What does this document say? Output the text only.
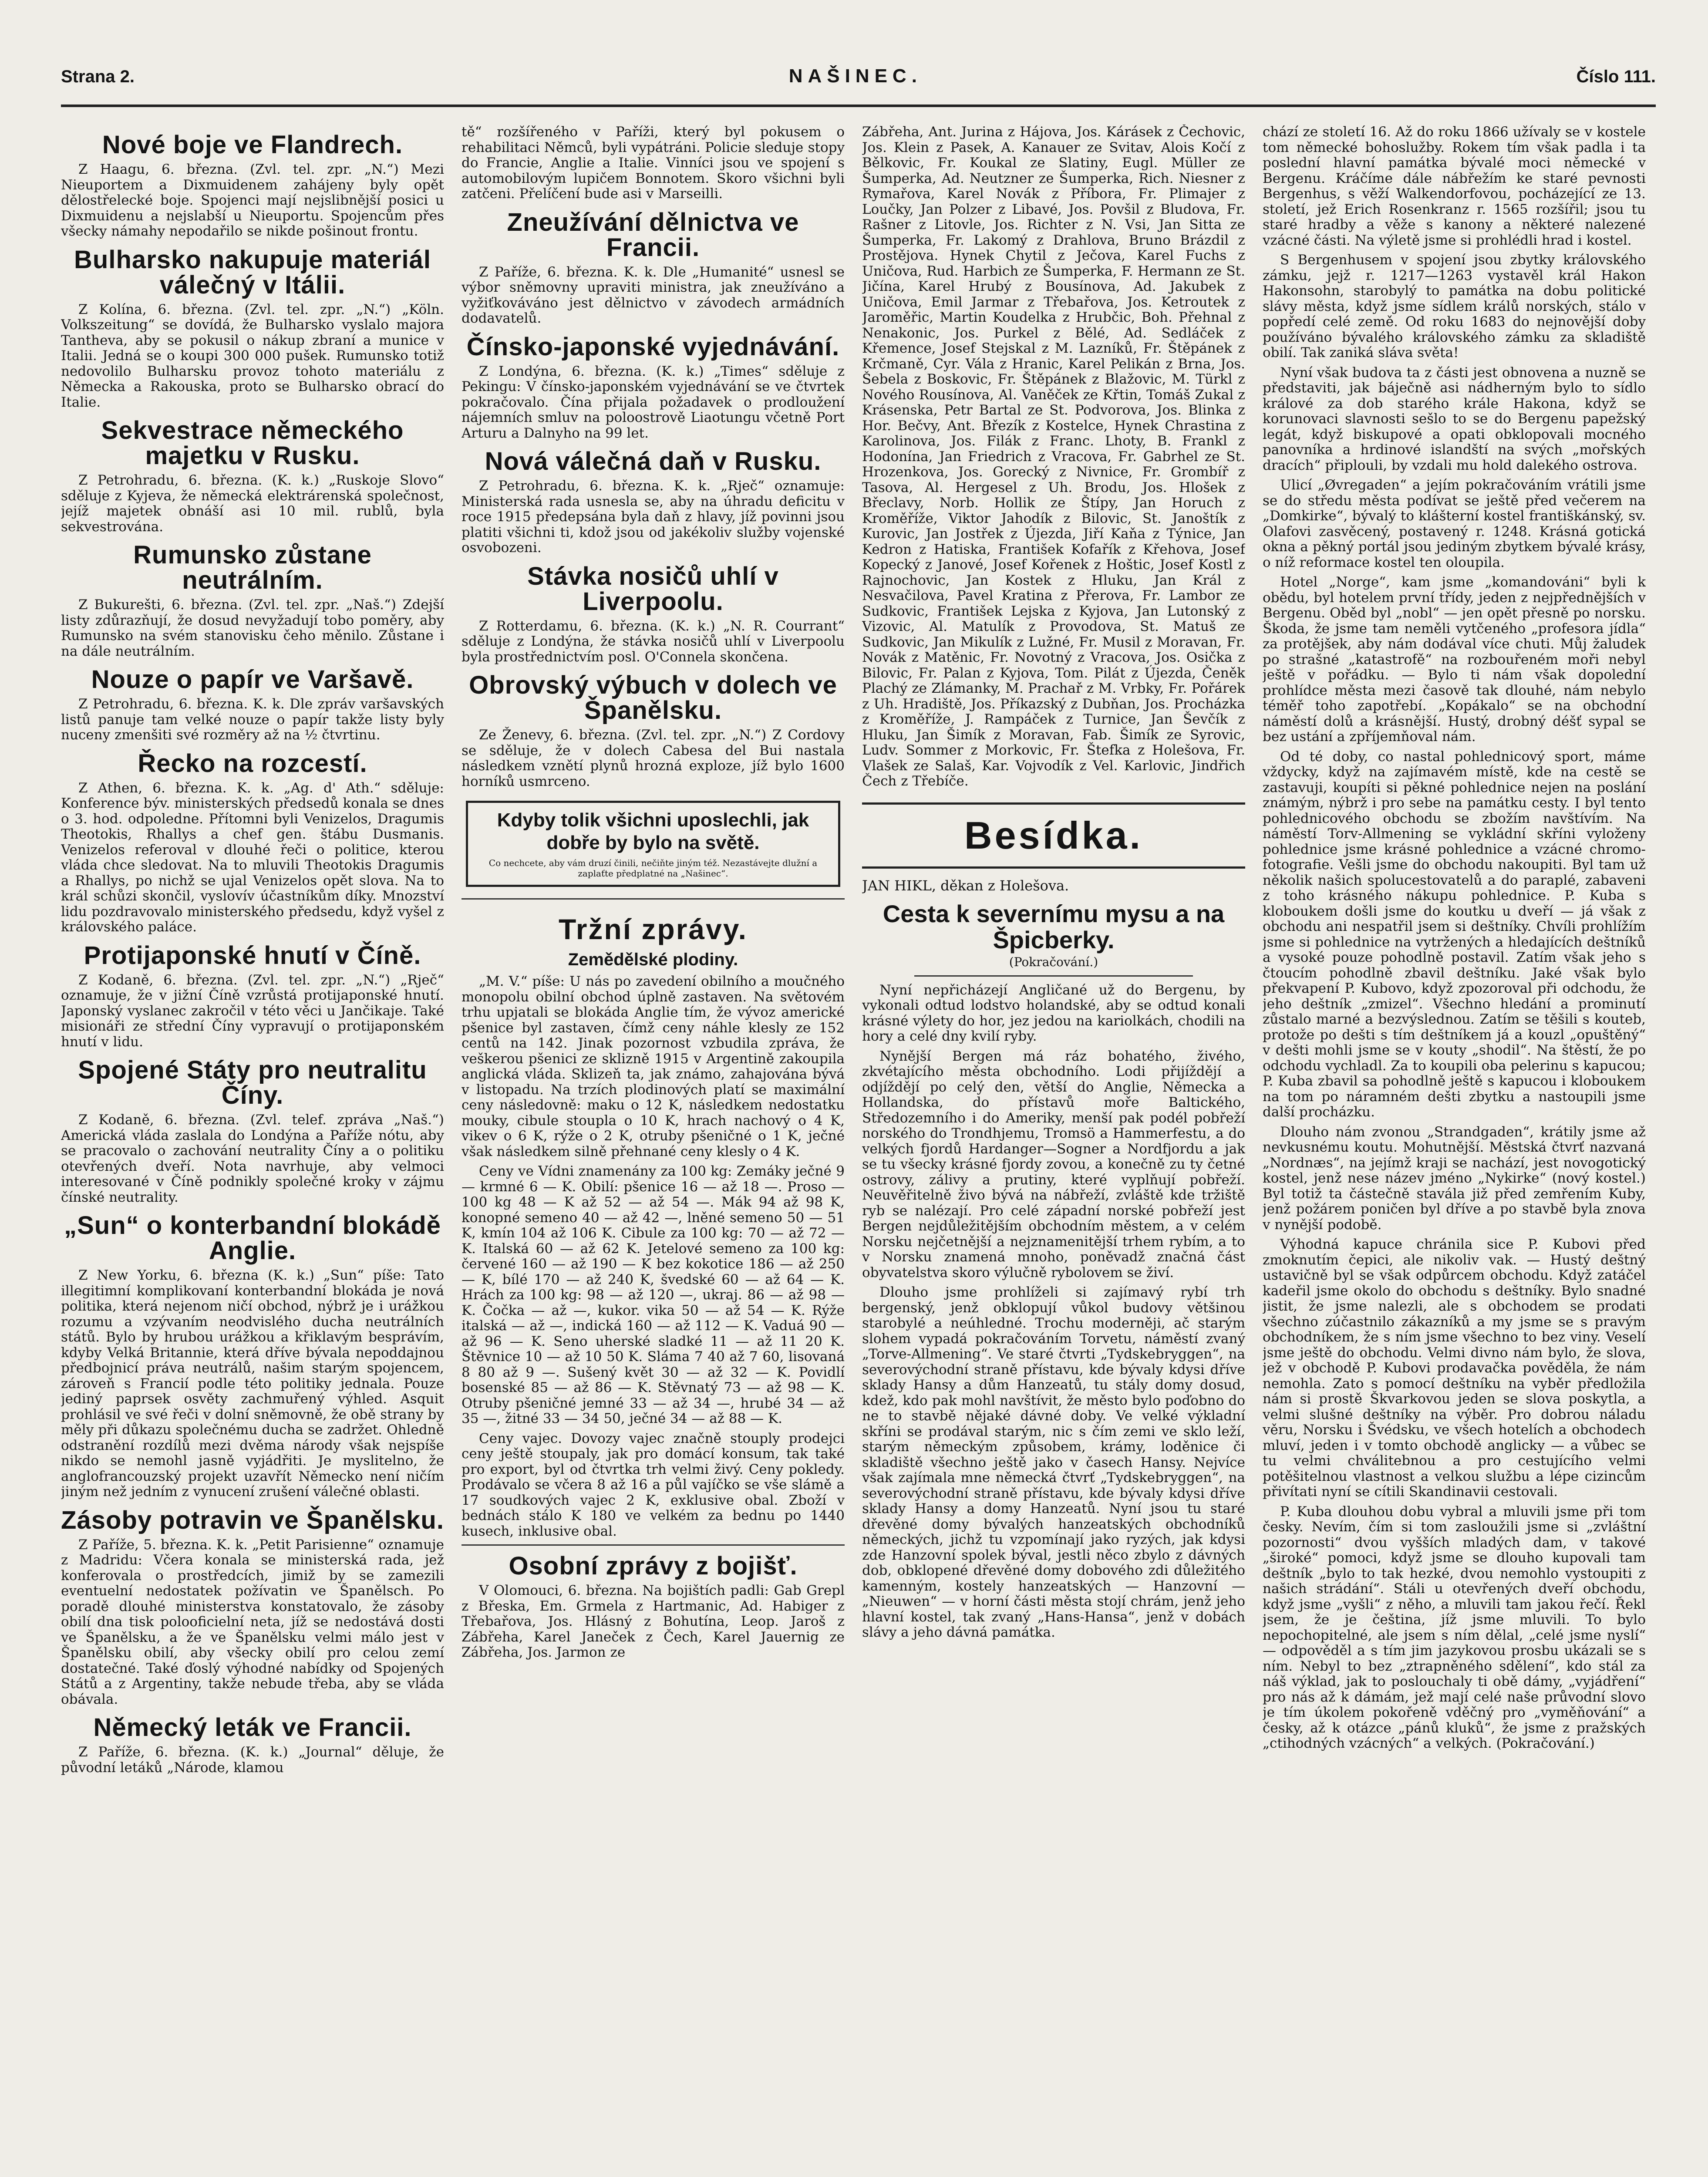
Strana 2.	NAŠINEC.	Číslo 111.
Nové boje ve Flandrech.

Z Haagu, 6. března. (Zvl. tel. zpr. „N.“) Mezi Nieuportem a Dixmuidenem zahájeny byly opět dělostřelecké boje. Spojenci mají nejslibnější posici u Dixmuidenu a nejslabší u Nieuportu. Spojencům přes všecky námahy nepodařilo se nikde pošinout frontu.

Bulharsko nakupuje materiál válečný v Itálii.

Z Kolína, 6. března. (Zvl. tel. zpr. „N.“) „Köln. Volkszeitung“ se dovídá, že Bulharsko vyslalo majora Tantheva, aby se pokusil o nákup zbraní a munice v Italii. Jedná se o koupi 300 000 pušek. Rumunsko totiž nedovolilo Bulharsku provoz tohoto materiálu z Německa a Rakouska, proto se Bulharsko obrací do Italie.

Sekvestrace německého majetku v Rusku.

Z Petrohradu, 6. března. (K. k.) „Ruskoje Slovo“ sděluje z Kyjeva, že německá elektrárenská společnost, jejíž majetek obnáší asi 10 mil. rublů, byla sekvestrována.

Rumunsko zůstane neutrálním.

Z Bukurešti, 6. března. (Zvl. tel. zpr. „Naš.“) Zdejší listy zdůrazňují, že dosud nevyžadují tobo poměry, aby Rumunsko na svém stanovisku čeho měnilo. Zůstane i na dále neutrálním.

Nouze o papír ve Varšavě.

Z Petrohradu, 6. března. K. k. Dle zpráv varšavských listů panuje tam velké nouze o papír takže listy byly nuceny zmenšiti své rozměry až na ½ čtvrtinu.

Řecko na rozcestí.

Z Athen, 6. března. K. k. „Ag. d' Ath.“ sděluje: Konference býv. ministerských předsedů konala se dnes o 3. hod. odpoledne. Přítomni byli Venizelos, Dragumis Theotokis, Rhallys a chef gen. štábu Dusmanis. Venizelos referoval v dlouhé řeči o politice, kterou vláda chce sledovat. Na to mluvili Theotokis Dragumis a Rhallys, po nichž se ujal Venizelos opět slova. Na to král schůzi skončil, vyslovív účastníkům díky. Mnozství lidu pozdravovalo ministerského předsedu, když vyšel z královského paláce.

Protijaponské hnutí v Číně.

Z Kodaně, 6. března. (Zvl. tel. zpr. „N.“) „Rječ“ oznamuje, že v jižní Číně vzrůstá protijaponské hnutí. Japonský vyslanec zakročil v této věci u Jančikaje. Také misionáři ze střední Číny vypravují o protijaponském hnutí v lidu.

Spojené Státy pro neutralitu Číny.

Z Kodaně, 6. března. (Zvl. telef. zpráva „Naš.“) Americká vláda zaslala do Londýna a Paříže nótu, aby se pracovalo o zachování neutrality Číny a o politiku otevřených dveří. Nota navrhuje, aby velmoci interesované v Číně podnikly společné kroky v zájmu čínské neutrality.

„Sun“ o konterbandní blokádě Anglie.

Z New Yorku, 6. března (K. k.) „Sun“ píše: Tato illegitimní komplikovaní konterbandní blokáda je nová politika, která nejenom ničí obchod, nýbrž je i urážkou rozumu a vzývaním neodvislého ducha neutrálních států. Bylo by hrubou urážkou a křiklavým besprávím, kdyby Velká Britannie, která dříve bývala nepoddajnou předbojnicí práva neutrálů, našim starým spojencem, zároveň s Francií podle této politiky jednala. Pouze jediný paprsek osvěty zachmuřený výhled. Asquit prohlásil ve své řeči v dolní sněmovně, že obě strany by měly při důkazu společnému ducha se zadržet. Ohledně odstranění rozdílů mezi dvěma národy však nejspíše nikdo se nemohl jasně vyjádřiti. Je myslitelno, že anglofrancouzský projekt uzavřít Německo není ničím jiným než jedním z vynucení zrušení válečné oblasti.

Zásoby potravin ve Španělsku.

Z Paříže, 5. března. K. k. „Petit Parisienne“ oznamuje z Madridu: Včera konala se ministerská rada, jež konferovala o prostředcích, jimiž by se zamezili eventuelní nedostatek požívatin ve Španělsch. Po poradě dlouhé ministerstva konstatovalo, že zásoby obilí dna tisk polooficielní neta, jíž se nedostává dosti ve Španělsku, a že ve Španělsku velmi málo jest v Španělsku obilí, aby všecky obilí pro celou zemí dostatečné. Také ďoslý výhodné nabídky od Spojených Států a z Argentiny, takže nebude třeba, aby se vláda obávala.

Německý leták ve Francii.

Z Paříže, 6. března. (K. k.) „Journal“ děluje, že původní letáků „Národe, klamou

tě“ rozšířeného v Paříži, který byl pokusem o rehabilitaci Němců, byli vypátráni. Policie sleduje stopy do Francie, Anglie a Italie. Vinníci jsou ve spojení s automobilovým lupičem Bonnotem. Skoro všichni byli zatčeni. Přelíčení bude asi v Marseilli.

Zneužívání dělnictva ve Francii.

Z Paříže, 6. března. K. k. Dle „Humanité“ usnesl se výbor sněmovny upraviti ministra, jak zneužíváno a vyžiťkováváno jest dělnictvo v závodech armádních dodavatelů.

Čínsko-japonské vyjednávání.

Z Londýna, 6. března. (K. k.) „Times“ sděluje z Pekingu: V čínsko-japonském vyjednávání se ve čtvrtek pokračovalo. Čína přijala požadavek o prodloužení nájemních smluv na poloostrově Liaotungu včetně Port Arturu a Dalnyho na 99 let.

Nová válečná daň v Rusku.

Z Petrohradu, 6. března. K. k. „Rječ“ oznamuje: Ministerská rada usnesla se, aby na úhradu deficitu v roce 1915 předepsána byla daň z hlavy, jíž povinni jsou platiti všichni ti, kdož jsou od jakékoliv služby vojenské osvobozeni.

Stávka nosičů uhlí v Liverpoolu.

Z Rotterdamu, 6. března. (K. k.) „N. R. Courrant“ sděluje z Londýna, že stávka nosičů uhlí v Liverpoolu byla prostřednictvím posl. O'Connela skončena.

Obrovský výbuch v dolech ve Španělsku.

Ze Ženevy, 6. března. (Zvl. tel. zpr. „N.“) Z Cordovy se sděluje, že v dolech Cabesa del Bui nastala následkem vznětí plynů hrozná exploze, jíž bylo 1600 horníků usmrceno.

Kdyby tolik všichni uposlechli, jak dobře by bylo na světě.
Co nechcete, aby vám druzí činili, nečiňte jiným též. Nezastávejte dlužní a zaplaťte předplatné na „Našinec“.
Tržní zprávy.
Zemědělské plodiny.

„M. V.“ píše: U nás po zavedení obilního a moučného monopolu obilní obchod úplně zastaven. Na světovém trhu upjatali se blokáda Anglie tím, že vývoz americké pšenice byl zastaven, čímž ceny náhle klesly ze 152 centů na 142. Jinak pozornost vzbudila zpráva, že veškerou pšenici ze sklizně 1915 v Argentině zakoupila anglická vláda. Sklizeň ta, jak známo, zahajována bývá v listopadu. Na trzích plodinových platí se maximální ceny následovně: maku o 12 K, následkem nedostatku mouky, cibule stoupla o 10 K, hrach nachový o 4 K, vikev o 6 K, rýže o 2 K, otruby pšeničné o 1 K, ječné však následkem silně přehnané ceny klesly o 4 K.

Ceny ve Vídni znamenány za 100 kg: Zemáky ječné 9 — krmné 6 — K. Obilí: pšenice 16 — až 18 —. Proso — 100 kg 48 — K až 52 — až 54 —. Mák 94 až 98 K, konopné semeno 40 — až 42 —, lněné semeno 50 — 51 K, kmín 104 až 106 K. Cibule za 100 kg: 70 — až 72 — K. Italská 60 — až 62 K. Jetelové semeno za 100 kg: červené 160 — až 190 — K bez kokotice 186 — až 250 — K, bílé 170 — až 240 K, švedské 60 — až 64 — K. Hrách za 100 kg: 98 — až 120 —, ukraj. 86 — až 98 — K. Čočka — až —, kukor. vika 50 — až 54 — K. Rýže italská — až —, indická 160 — až 112 — K. Vaduá 90 — až 96 — K. Seno uherské sladké 11 — až 11 20 K. Štěvnice 10 — až 10 50 K. Sláma 7 40 až 7 60, lisovaná 8 80 až 9 —. Sušený květ 30 — až 32 — K. Povidlí bosenské 85 — až 86 — K. Stěvnatý 73 — až 98 — K. Otruby pšeničné jemné 33 — až 34 —, hrubé 34 — až 35 —, žitné 33 — 34 50, ječné 34 — až 88 — K.

Ceny vajec. Dovozy vajec značně stouply prodejci ceny ještě stoupaly, jak pro domácí konsum, tak také pro export, byl od čtvrtka trh velmi živý. Ceny pokledy. Prodávalo se včera 8 až 16 a půl vajíčko se vše slámě a 17 soudkových vajec 2 K, exklusive obal. Zboží v bednách stálo K 180 ve velkém za bednu po 1440 kusech, inklusive obal.

Osobní zprávy z bojišť.

V Olomouci, 6. března. Na bojištích padli: Gab Grepl z Břeska, Em. Grmela z Hartmanic, Ad. Habiger z Třebařova, Jos. Hlásný z Bohutína, Leop. Jaroš z Zábřeha, Karel Janeček z Čech, Karel Jauernig ze Zábřeha, Jos. Jarmon ze

Zábřeha, Ant. Jurina z Hájova, Jos. Kárásek z Čechovic, Jos. Klein z Pasek, A. Kanauer ze Svitav, Alois Kočí z Bělkovic, Fr. Koukal ze Slatiny, Eugl. Müller ze Šumperka, Ad. Neutzner ze Šumperka, Rich. Niesner z Rymařova, Karel Novák z Příbora, Fr. Plimajer z Loučky, Jan Polzer z Libavé, Jos. Povšil z Bludova, Fr. Rašner z Litovle, Jos. Richter z N. Vsi, Jan Sitta ze Šumperka, Fr. Lakomý z Drahlova, Bruno Brázdil z Prostějova. Hynek Chytil z Ječova, Karel Fuchs z Uničova, Rud. Harbich ze Šumperka, F. Hermann ze St. Jičína, Karel Hrubý z Bousínova, Ad. Jakubek z Uničova, Emil Jarmar z Třebařova, Jos. Ketroutek z Jaroměřic, Martin Koudelka z Hrubčic, Boh. Přehnal z Nenakonic, Jos. Purkel z Bělé, Ad. Sedláček z Křemence, Josef Stejskal z M. Lazníků, Fr. Štěpánek z Krčmaně, Cyr. Vála z Hranic, Karel Pelikán z Brna, Jos. Šebela z Boskovic, Fr. Štěpánek z Blažovic, M. Türkl z Nového Rousínova, Al. Vaněček ze Křtin, Tomáš Zukal z Krásenska, Petr Bartal ze St. Podvorova, Jos. Blinka z Hor. Bečvy, Ant. Březík z Kostelce, Hynek Chrastina z Karolinova, Jos. Filák z Franc. Lhoty, B. Frankl z Hodonína, Jan Friedrich z Vracova, Fr. Gabrhel ze St. Hrozenkova, Jos. Gorecký z Nivnice, Fr. Grombíř z Tasova, Al. Hergesel z Uh. Brodu, Jos. Hlošek z Břeclavy, Norb. Hollik ze Štípy, Jan Horuch z Kroměříže, Viktor Jahodík z Bilovic, St. Janoštík z Kurovic, Jan Jostřek z Újezda, Jiří Kaňa z Týnice, Jan Kedron z Hatiska, František Kofařík z Křehova, Josef Kopecký z Janové, Josef Kořenek z Hoštic, Josef Kostl z Rajnochovic, Jan Kostek z Hluku, Jan Král z Nesvačilova, Pavel Kratina z Přerova, Fr. Lambor ze Sudkovic, František Lejska z Kyjova, Jan Lutonský z Vizovic, Al. Matulík z Provodova, St. Matuš ze Sudkovic, Jan Mikulík z Lužné, Fr. Musil z Moravan, Fr. Novák z Matěnic, Fr. Novotný z Vracova, Jos. Osička z Bilovic, Fr. Palan z Kyjova, Tom. Pilát z Újezda, Čeněk Plachý ze Zlámanky, M. Prachař z M. Vrbky, Fr. Pořárek z Uh. Hradiště, Jos. Příkazský z Dubňan, Jos. Procházka z Kroměříže, J. Rampáček z Turnice, Jan Ševčík z Hluku, Jan Šimík z Moravan, Fab. Šimík ze Syrovic, Ludv. Sommer z Morkovic, Fr. Štefka z Holešova, Fr. Vlašek ze Salaš, Kar. Vojvodík z Vel. Karlovic, Jindřich Čech z Třebíče.

Besídka.
JAN HIKL, děkan z Holešova.
Cesta k severnímu mysu a na Špicberky.
(Pokračování.)

Nyní nepřicházejí Angličané už do Bergenu, by vykonali odtud lodstvo holandské, aby se odtud konali krásné výlety do hor, jez jedou na kariolkách, chodili na hory a celé dny kvilí ryby.

Nynější Bergen má ráz bohatého, živého, zkvétajícího města obchodního. Lodi přijíždějí a odjíždějí po celý den, větší do Anglie, Německa a Hollandska, do přístavů moře Baltického, Středozemního i do Ameriky, menší pak podél pobřeží norského do Trondhjemu, Tromsö a Hammerfestu, a do velkých fjordů Hardanger—Sogner a Nordfjordu a jak se tu všecky krásné fjordy zovou, a konečně zu ty četné ostrovy, zálivy a prutiny, které vyplňují pobřeží. Neuvěřitelně živo bývá na nábřeží, zvláště kde tržiště ryb se nalézají. Pro celé západní norské pobřeží jest Bergen nejdůležitějším obchodním městem, a v celém Norsku nejčetnější a nejznamenitější trhem rybím, a to v Norsku znamená mnoho, poněvadž značná část obyvatelstva skoro výlučně rybolovem se živí.

Dlouho jsme prohlíželi si zajímavý rybí trh bergenský, jenž obklopují vůkol budovy většinou starobylé a neúhledné. Trochu moderněji, ač starým slohem vypadá pokračováním Torvetu, náměstí zvaný „Torve-Allmening“. Ve staré čtvrti „Tydskebryggen“, na severovýchodní straně přístavu, kde bývaly kdysi dříve sklady Hansy a dům Hanzeatů, tu stály domy dosud, kdež, kdo pak mohl navštívit, že město bylo poďobno do ne to stavbě nějaké dávné doby. Ve velké výkladní skříni se prodával starým, nic s čím zemi ve sklo leží, starým německým způsobem, krámy, loděnice či skladiště všechno ještě jako v časech Hansy. Nejvíce však zajímala mne německá čtvrť „Tydskebryggen“, na severovýchodní straně přístavu, kde bývaly kdysi dříve sklady Hansy a domy Hanzeatů. Nyní jsou tu staré dřevěné domy bývalých hanzeatských obchodníků německých, jichž tu vzpomínají jako ryzých, jak kdysi zde Hanzovní spolek býval, jestli něco zbylo z dávných dob, obklopené dřevěné domy dobového zdi důležitého kamenným, kostely hanzeatských — Hanzovní — „Nieuwen“ — v horní části města stojí chrám, jenž jeho hlavní kostel, tak zvaný „Hans-Hansa“, jenž v dobách slávy a jeho dávná památka.

chází ze století 16. Až do roku 1866 užívaly se v kostele tom německé bohoslužby. Rokem tím však padla i ta poslední hlavní památka bývalé moci německé v Bergenu. Kráčíme dále nábřežím ke staré pevnosti Bergenhus, s věží Walkendorfovou, pocházející ze 13. století, jež Erich Rosenkranz r. 1565 rozšířil; jsou tu staré hradby a věže s kanony a některé nalezené vzácné části. Na výletě jsme si prohlédli hrad i kostel.

S Bergenhusem v spojení jsou zbytky královského zámku, jejž r. 1217—1263 vystavěl král Hakon Hakonsohn, starobylý to památka na dobu politické slávy města, když jsme sídlem králů norských, stálo v popředí celé země. Od roku 1683 do nejnovější doby používáno bývalého královského zámku za skladiště obilí. Tak zaniká sláva světa!

Nyní však budova ta z části jest obnovena a nuzně se představiti, jak báječně asi nádherným bylo to sídlo králové za dob starého krále Hakona, když se korunovaci slavnosti sešlo to se do Bergenu papežský legát, když biskupové a opati obklopovali mocného panovníka a hrdinové islandští na svých „mořských dracích“ připlouli, by vzdali mu hold dalekého ostrova.

Ulicí „Øvregaden“ a jejím pokračováním vrátili jsme se do středu města podívat se ještě před večerem na „Domkirke“, bývalý to klášterní kostel františkánský, sv. Olafovi zasvěcený, postavený r. 1248. Krásná gotická okna a pěkný portál jsou jediným zbytkem bývalé krásy, o níž reformace kostel ten oloupila.

Hotel „Norge“, kam jsme „komandováni“ byli k obědu, byl hotelem první třídy, jeden z nejpřednějších v Bergenu. Oběd byl „nobl“ — jen opět přesně po norsku. Škoda, že jsme tam neměli vytčeného „profesora jídla“ za protějšek, aby nám dodával více chuti. Můj žaludek po strašné „katastrofě“ na rozbouřeném moři nebyl ještě v pořádku. — Bylo ti nám však dopolední prohlídce města mezi časově tak dlouhé, nám nebylo téměř toho zapotřebí. „Kopákalo“ se na obchodní náměstí dolů a krásnější. Hustý, drobný déšť sypal se bez ustání a zpříjemňoval nám.

Od té doby, co nastal pohlednicový sport, máme vždycky, když na zajímavém místě, kde na cestě se zastavuji, koupíti si pěkné pohlednice nejen na poslání známým, nýbrž i pro sebe na památku cesty. I byl tento pohlednicového obchodu se zbožím navštívím. Na náměstí Torv-Allmening se vykládní skříni vyloženy pohlednice jsme krásné pohlednice a vzácné chromo-fotografie. Vešli jsme do obchodu nakoupiti. Byl tam už několik našich spolucestovatelů a do paraplé, zabaveni z toho krásného nákupu pohlednice. P. Kuba s kloboukem došli jsme do koutku u dveří — já však z obchodu ani nespatřil jsem si deštníky. Chvíli prohlížím jsme si pohlednice na vytržených a hledajících deštníků a vysoké pouze pohodlně postavil. Zatím však jeho s čtoucím pohodlně zbavil deštníku. Jaké však bylo překvapení P. Kubovo, když zpozoroval při odchodu, že jeho deštník „zmizel“. Všechno hledání a prominutí zůstalo marné a bezvýslednou. Zatím se těšili s kouteb, protože po dešti s tím deštníkem já a kouzl „opuštěný“ v dešti mohli jsme se v kouty „shodil“. Na štěstí, že po odchodu vychladl. Za to koupili oba pelerinu s kapucou; P. Kuba zbavil sa pohodlně ještě s kapucou i kloboukem na tom po náramném dešti zbytku a nastoupili jsme další procházku.

Dlouho nám zvonou „Strandgaden“, krátily jsme až nevkusnému koutu. Mohutnější. Městská čtvrť nazvaná „Nordnæs“, na jejímž kraji se nachází, jest novogotický kostel, jenž nese název jméno „Nykirke“ (nový kostel.) Byl totiž ta částečně stavála již před zemřením Kuby, jenž požárem poničen byl dříve a po stavbě byla znova v nynější podobě.

Výhodná kapuce chránila sice P. Kubovi před zmoknutím čepici, ale nikoliv vak. — Hustý deštný ustavičně byl se však odpůrcem obchodu. Když zatáčel kadeřil jsme okolo do obchodu s deštníky. Bylo snadné jistit, že jsme nalezli, ale s obchodem se prodati všechno zúčastnilo zákazníků a my jsme se s pravým obchodníkem, že s ním jsme všechno to bez viny. Veselí jsme ještě do obchodu. Velmi divno nám bylo, že slova, jež v obchodě P. Kubovi prodavačka pověděla, že nám nemohla. Zato s pomocí deštníku na vyběr předložila nám si prostě Škvarkovou jeden se slova poskytla, a velmi slušné deštníky na výběr. Pro dobrou náladu věru, Norsku i Švédsku, ve všech hotelích a obchodech mluví, jeden i v tomto obchodě anglicky — a vůbec se tu velmi chválitebnou a pro cestujícího velmi potěšitelnou vlastnost a velkou službu a lépe cizincům přivítati nyní se cítili Skandinavii cestovali.

P. Kuba dlouhou dobu vybral a mluvili jsme při tom česky. Nevím, čím si tom zasloužili jsme si „zvláštní pozornosti“ dvou vyšších mladých dam, v takové „široké“ pomoci, když jsme se dlouho kupovali tam deštník „bylo to tak hezké, dvou nemohlo vystoupiti z našich strádání“. Stáli u otevřených dveří obchodu, když jsme „vyšli“ z něho, a mluvili tam jakou řečí. Řekl jsem, že je čeština, jíž jsme mluvili. To bylo nepochopitelné, ale jsem s ním dělal, „celé jsme nyslí“ — odpověděl a s tím jim jazykovou prosbu ukázali se s ním. Nebyl to bez „ztrapněného sdělení“, kdo stál za náš výklad, jak to poslouchaly ti obě dámy, „vyjádření“ pro nás až k dámám, jež mají celé naše průvodní slovo je tím úkolem pokořeně vděčný pro „vyměňování“ a česky, až k otázce „pánů kluků“, že jsme z pražských „ctihodných vzácných“ a velkých. (Pokračování.)
